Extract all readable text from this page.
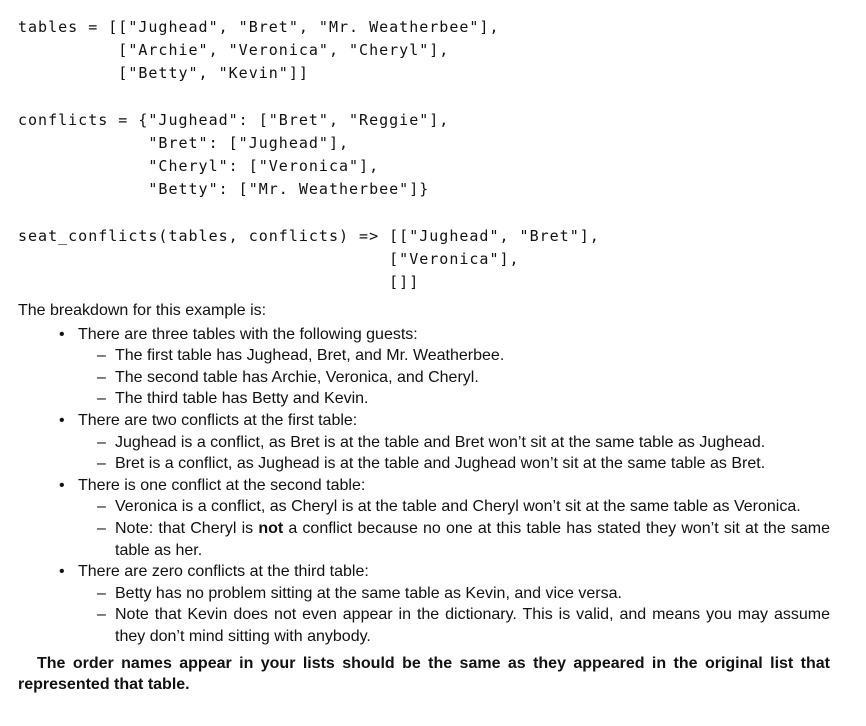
tables = [["Jughead", "Bret", "Mr. Weatherbee"],
["Archie", "Veronica", "Cheryl"],
["Betty", "Kevin"]]
conflicts = {"Jughead": ["Bret", "Reggie"],
"Bret": ["Jughead"],
"Cheryl": ["Veronica"],
"Betty": ["Mr. Weatherbee"]}
seat_conflicts(tables, conflicts) => [["Jughead", "Bret"],
["Veronica"],
[]]

The breakdown for this example is:

• There are three tables with the following guests:
– The first table has Jughead, Bret, and Mr. Weatherbee.
– The second table has Archie, Veronica, and Cheryl.
– The third table has Betty and Kevin.
• There are two conflicts at the first table:
– Jughead is a conflict, as Bret is at the table and Bret won’t sit at the same table as Jughead.
– Bret is a conflict, as Jughead is at the table and Jughead won’t sit at the same table as Bret.
• There is one conflict at the second table:
– Veronica is a conflict, as Cheryl is at the table and Cheryl won’t sit at the same table as Veronica.
– Note: that Cheryl is not a conflict because no one at this table has stated they won’t sit at the same table as her.
• There are zero conflicts at the third table:
– Betty has no problem sitting at the same table as Kevin, and vice versa.
– Note that Kevin does not even appear in the dictionary. This is valid, and means you may assume they don’t mind sitting with anybody.

The order names appear in your lists should be the same as they appeared in the original list that represented that table.
